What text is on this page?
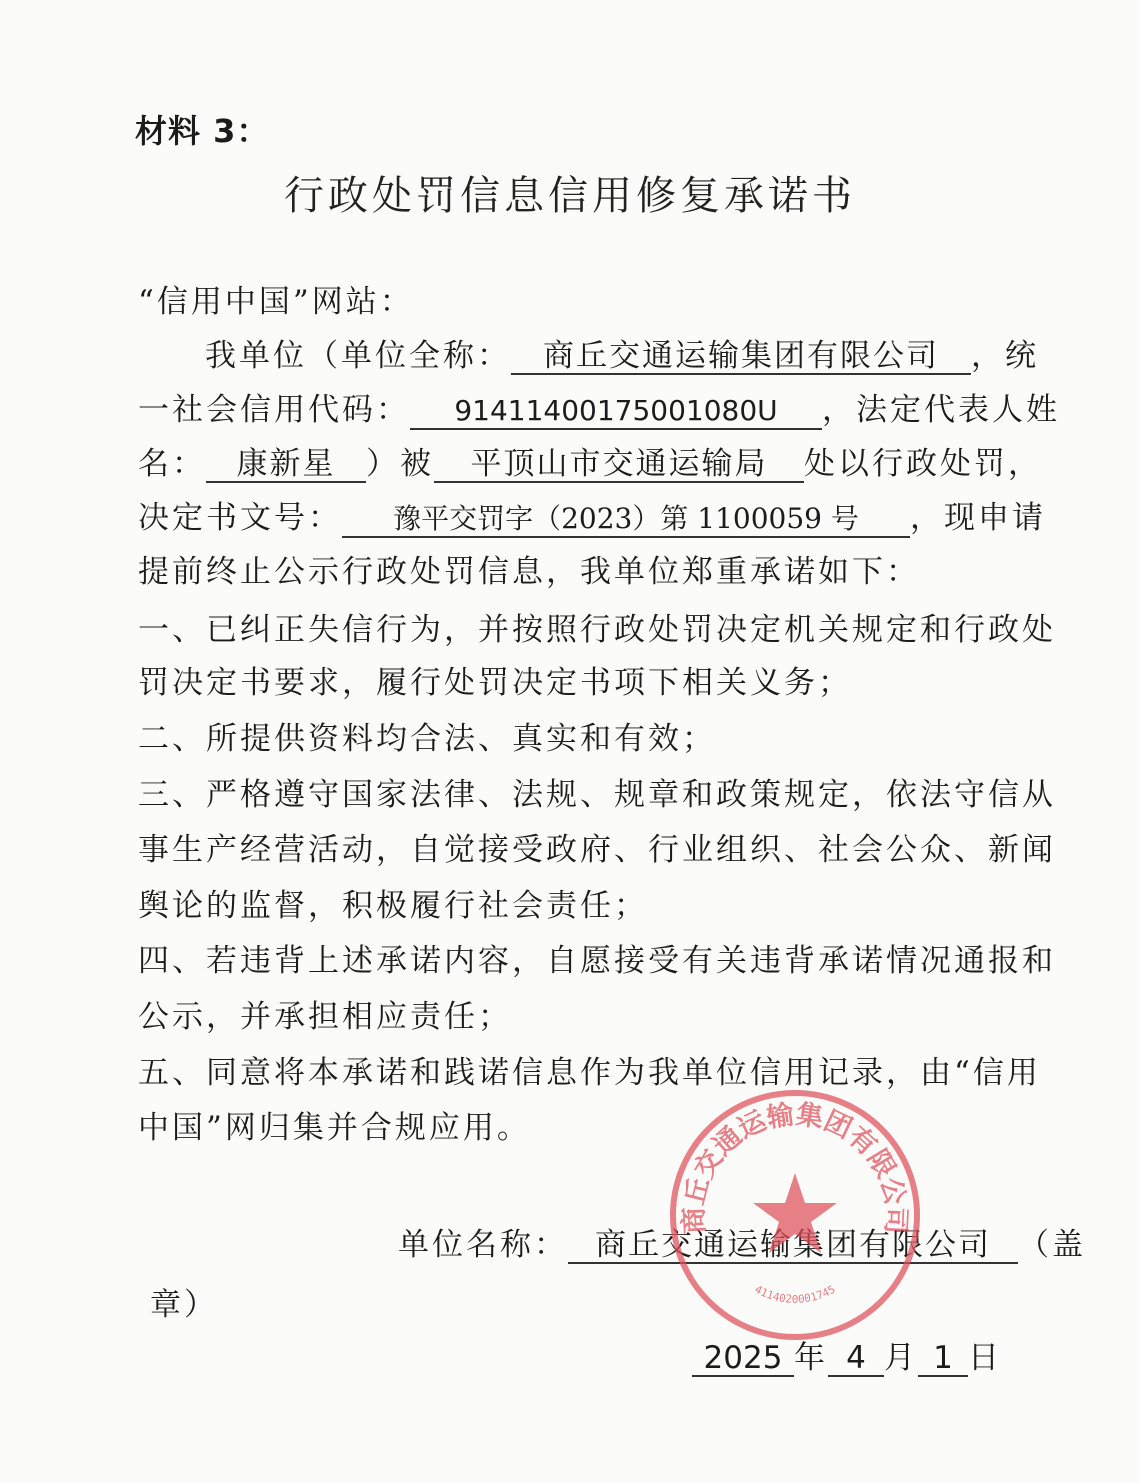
材料 3：
行政处罚信息信用修复承诺书
“信用中国”网站：
我单位（单位全称： 商丘交通运输集团有限公司 ，统
一社会信用代码： 91411400175001080U ，法定代表人姓
名： 康新星 ）被 平顶山市交通运输局 处以行政处罚，
决定书文号： 豫平交罚字（2023）第 1100059 号 ，现申请
提前终止公示行政处罚信息，我单位郑重承诺如下：
一、已纠正失信行为，并按照行政处罚决定机关规定和行政处
罚决定书要求，履行处罚决定书项下相关义务；
二、所提供资料均合法、真实和有效；
三、严格遵守国家法律、法规、规章和政策规定，依法守信从
事生产经营活动，自觉接受政府、行业组织、社会公众、新闻
舆论的监督，积极履行社会责任；
四、若违背上述承诺内容，自愿接受有关违背承诺情况通报和
公示，并承担相应责任；
五、同意将本承诺和践诺信息作为我单位信用记录，由“信用
中国”网归集并合规应用。
单位名称： 商丘交通运输集团有限公司 （盖
章）
2025 年 4 月 1 日
商丘交通运输集团有限公司
4114020001745
